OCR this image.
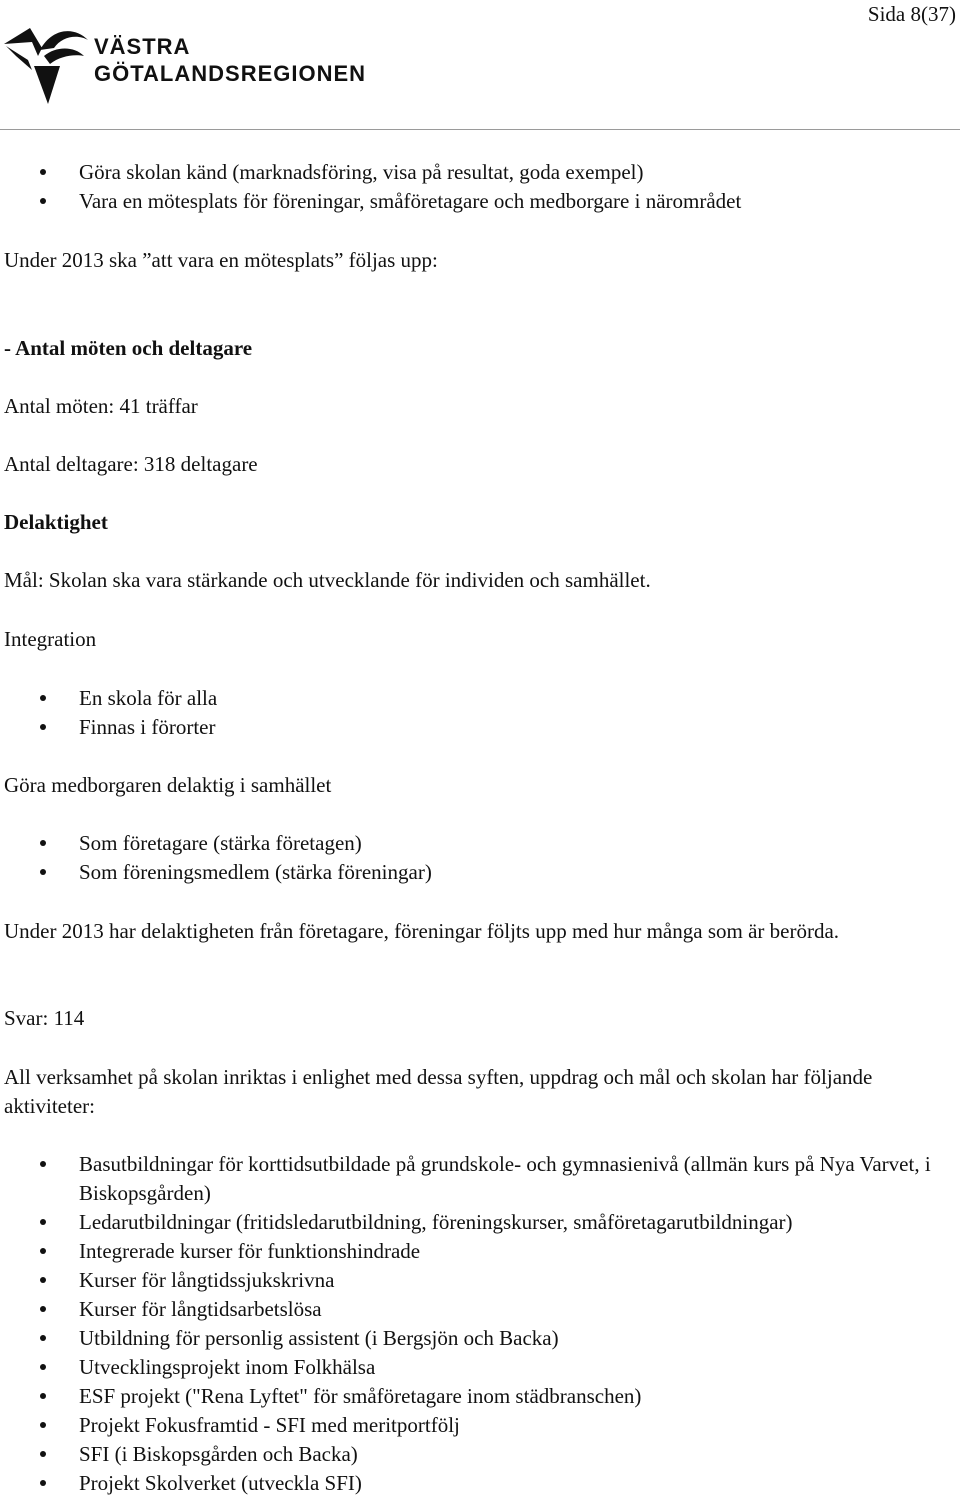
Sida 8(37)
VÄSTRA
GÖTALANDSREGIONEN
Göra skolan känd (marknadsföring, visa på resultat, goda exempel)
Vara en mötesplats för föreningar, småföretagare och medborgare i närområdet
Under 2013 ska ”att vara en mötesplats” följas upp:
- Antal möten och deltagare
Antal möten: 41 träffar
Antal deltagare: 318 deltagare
Delaktighet
Mål: Skolan ska vara stärkande och utvecklande för individen och samhället.
Integration
En skola för alla
Finnas i förorter
Göra medborgaren delaktig i samhället
Som företagare (stärka företagen)
Som föreningsmedlem (stärka föreningar)
Under 2013 har delaktigheten från företagare, föreningar följts upp med hur många som är berörda.
Svar: 114
All verksamhet på skolan inriktas i enlighet med dessa syften, uppdrag och mål och skolan har följande aktiviteter:
Basutbildningar för korttidsutbildade på grundskole- och gymnasienivå (allmän kurs på Nya Varvet, i Biskopsgården)
Ledarutbildningar (fritidsledarutbildning, föreningskurser, småföretagarutbildningar)
Integrerade kurser för funktionshindrade
Kurser för långtidssjukskrivna
Kurser för långtidsarbetslösa
Utbildning för personlig assistent (i Bergsjön och Backa)
Utvecklingsprojekt inom Folkhälsa
ESF projekt ("Rena Lyftet" för småföretagare inom städbranschen)
Projekt Fokusframtid - SFI med meritportfölj
SFI (i Biskopsgården och Backa)
Projekt Skolverket (utveckla SFI)
